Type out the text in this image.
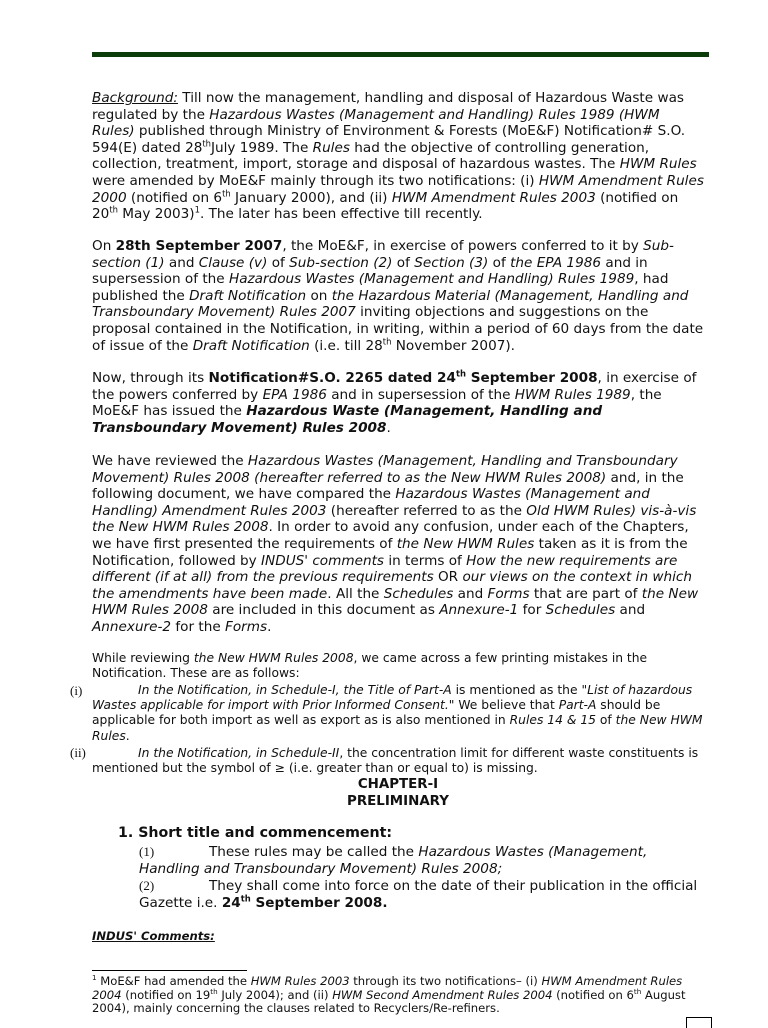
Background: Till now the management, handling and disposal of Hazardous Waste was regulated by the Hazardous Wastes (Management and Handling) Rules 1989 (HWM Rules) published through Ministry of Environment & Forests (MoE&F) Notification# S.O. 594(E) dated 28thJuly 1989. The Rules had the objective of controlling generation, collection, treatment, import, storage and disposal of hazardous wastes. The HWM Rules were amended by MoE&F mainly through its two notifications: (i) HWM Amendment Rules 2000 (notified on 6th January 2000), and (ii) HWM Amendment Rules 2003 (notified on 20th May 2003)$^1$. The later has been effective till recently.

On 28th September 2007, the MoE&F, in exercise of powers conferred to it by Sub-section (1) and Clause (v) of Sub-section (2) of Section (3) of the EPA 1986 and in supersession of the Hazardous Wastes (Management and Handling) Rules 1989, had published the Draft Notification on the Hazardous Material (Management, Handling and Transboundary Movement) Rules 2007 inviting objections and suggestions on the proposal contained in the Notification, in writing, within a period of 60 days from the date of issue of the Draft Notification (i.e. till 28th November 2007).

Now, through its Notification#S.O. 2265 dated 24th September 2008, in exercise of the powers conferred by EPA 1986 and in supersession of the HWM Rules 1989, the MoE&F has issued the Hazardous Waste (Management, Handling and Transboundary Movement) Rules 2008.

We have reviewed the Hazardous Wastes (Management, Handling and Transboundary Movement) Rules 2008 (hereafter referred to as the New HWM Rules 2008) and, in the following document, we have compared the Hazardous Wastes (Management and Handling) Amendment Rules 2003 (hereafter referred to as the Old HWM Rules) vis-à-vis the New HWM Rules 2008. In order to avoid any confusion, under each of the Chapters, we have first presented the requirements of the New HWM Rules taken as it is from the Notification, followed by INDUS' comments in terms of How the new requirements are different (if at all) from the previous requirements OR our views on the context in which the amendments have been made. All the Schedules and Forms that are part of the New HWM Rules 2008 are included in this document as Annexure-1 for Schedules and Annexure-2 for the Forms.

While reviewing the New HWM Rules 2008, we came across a few printing mistakes in the Notification. These are as follows:

(i)	In the Notification, in Schedule-I, the Title of Part-A is mentioned as the "List of hazardous Wastes applicable for import with Prior Informed Consent." We believe that Part-A should be applicable for both import as well as export as is also mentioned in Rules 14 & 15 of the New HWM Rules.

(ii)	In the Notification, in Schedule-II, the concentration limit for different waste constituents is mentioned but the symbol of ≥ (i.e. greater than or equal to) is missing.

CHAPTER-I
PRELIMINARY
1. Short title and commencement:
(1)	These rules may be called the Hazardous Wastes (Management, Handling and Transboundary Movement) Rules 2008;
(2)	They shall come into force on the date of their publication in the official Gazette i.e. 24th September 2008.
INDUS' Comments:
$^1$ MoE&F had amended the HWM Rules 2003 through its two notifications– (i) HWM Amendment Rules 2004 (notified on 19th July 2004); and (ii) HWM Second Amendment Rules 2004 (notified on 6th August 2004), mainly concerning the clauses related to Recyclers/Re-refiners.
